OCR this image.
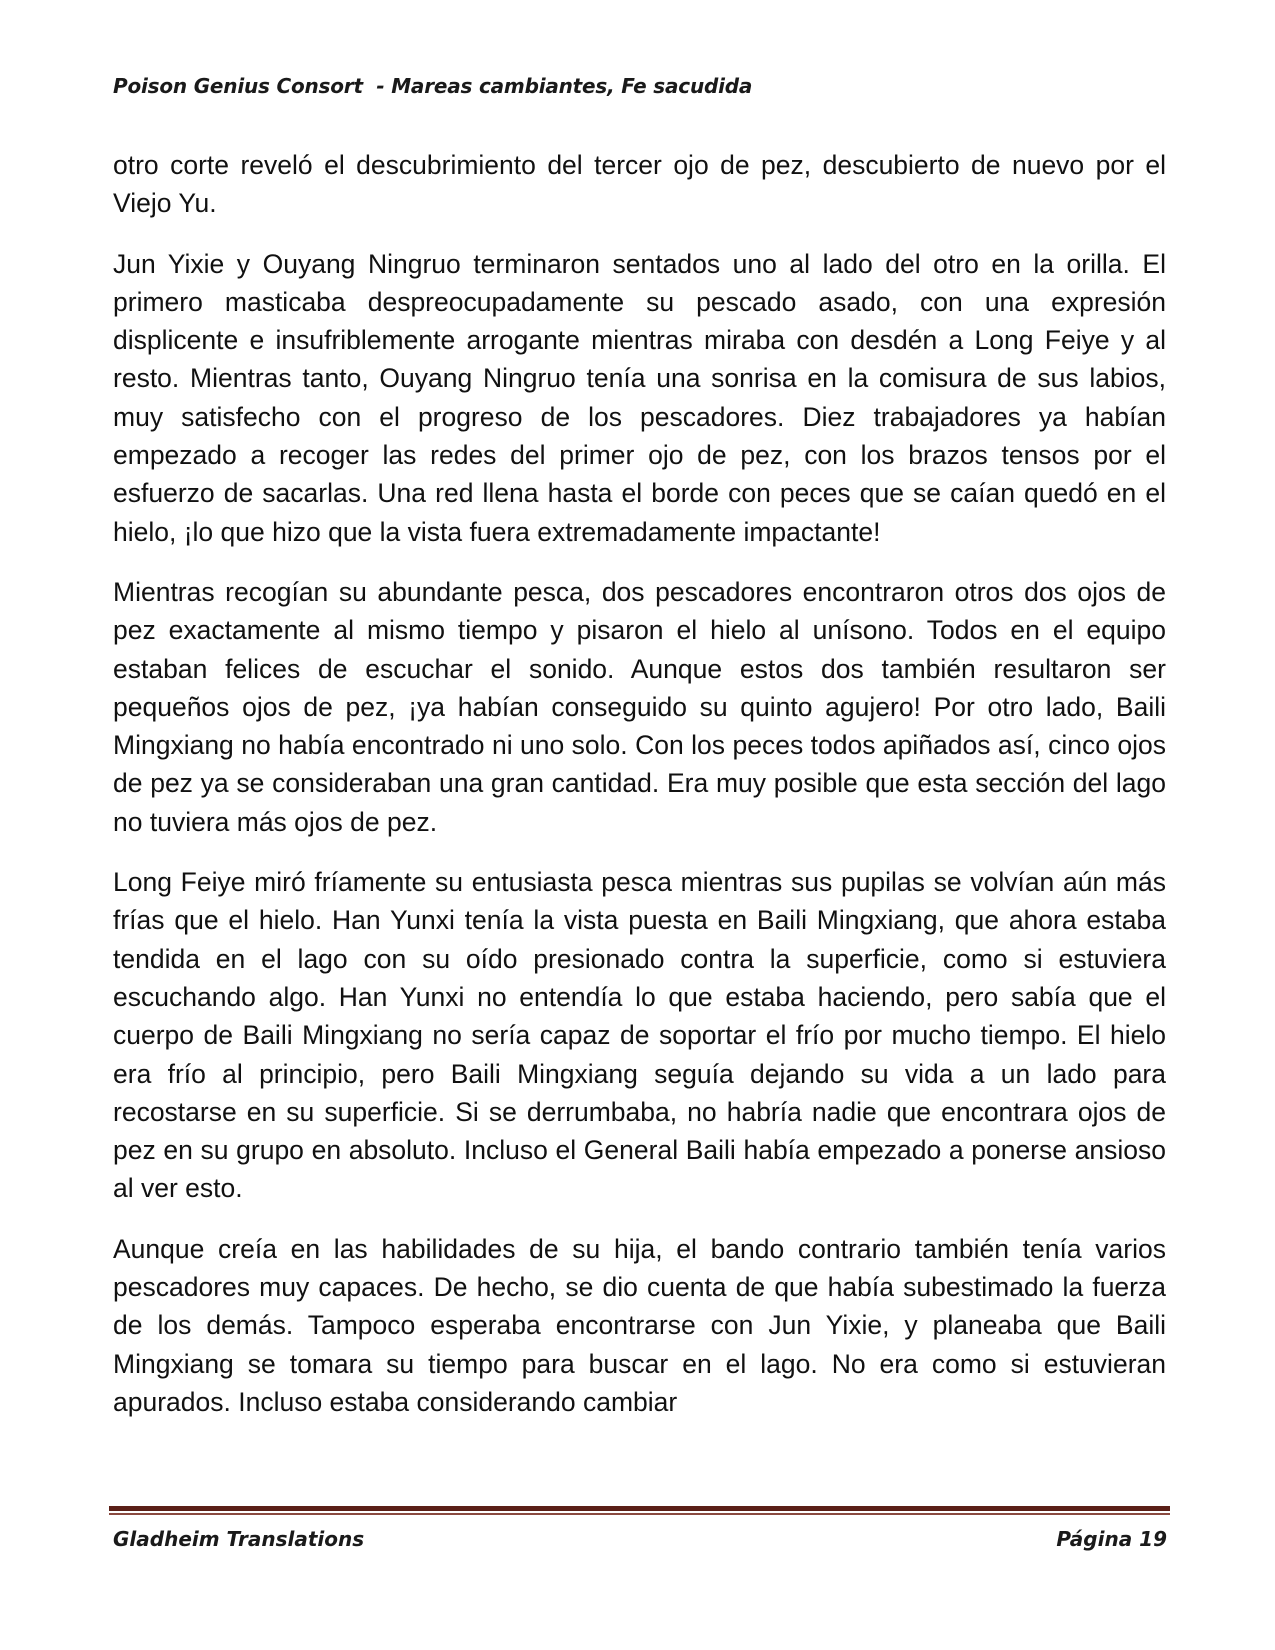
Poison Genius Consort  - Mareas cambiantes, Fe sacudida

otro corte reveló el descubrimiento del tercer ojo de pez, descubierto de nuevo por el Viejo Yu.

Jun Yixie y Ouyang Ningruo terminaron sentados uno al lado del otro en la orilla. El primero masticaba despreocupadamente su pescado asado, con una expresión displicente e insufriblemente arrogante mientras miraba con desdén a Long Feiye y al resto. Mientras tanto, Ouyang Ningruo tenía una sonrisa en la comisura de sus labios, muy satisfecho con el progreso de los pescadores. Diez trabajadores ya habían empezado a recoger las redes del primer ojo de pez, con los brazos tensos por el esfuerzo de sacarlas. Una red llena hasta el borde con peces que se caían quedó en el hielo, ¡lo que hizo que la vista fuera extremadamente impactante!

Mientras recogían su abundante pesca, dos pescadores encontraron otros dos ojos de pez exactamente al mismo tiempo y pisaron el hielo al unísono. Todos en el equipo estaban felices de escuchar el sonido. Aunque estos dos también resultaron ser pequeños ojos de pez, ¡ya habían conseguido su quinto agujero! Por otro lado, Baili Mingxiang no había encontrado ni uno solo. Con los peces todos apiñados así, cinco ojos de pez ya se consideraban una gran cantidad. Era muy posible que esta sección del lago no tuviera más ojos de pez.

Long Feiye miró fríamente su entusiasta pesca mientras sus pupilas se volvían aún más frías que el hielo. Han Yunxi tenía la vista puesta en Baili Mingxiang, que ahora estaba tendida en el lago con su oído presionado contra la superficie, como si estuviera escuchando algo. Han Yunxi no entendía lo que estaba haciendo, pero sabía que el cuerpo de Baili Mingxiang no sería capaz de soportar el frío por mucho tiempo. El hielo era frío al principio, pero Baili Mingxiang seguía dejando su vida a un lado para recostarse en su superficie. Si se derrumbaba, no habría nadie que encontrara ojos de pez en su grupo en absoluto. Incluso el General Baili había empezado a ponerse ansioso al ver esto.

Aunque creía en las habilidades de su hija, el bando contrario también tenía varios pescadores muy capaces. De hecho, se dio cuenta de que había subestimado la fuerza de los demás. Tampoco esperaba encontrarse con Jun Yixie, y planeaba que Baili Mingxiang se tomara su tiempo para buscar en el lago. No era como si estuvieran apurados. Incluso estaba considerando cambiar

Gladheim Translations	Página 19
